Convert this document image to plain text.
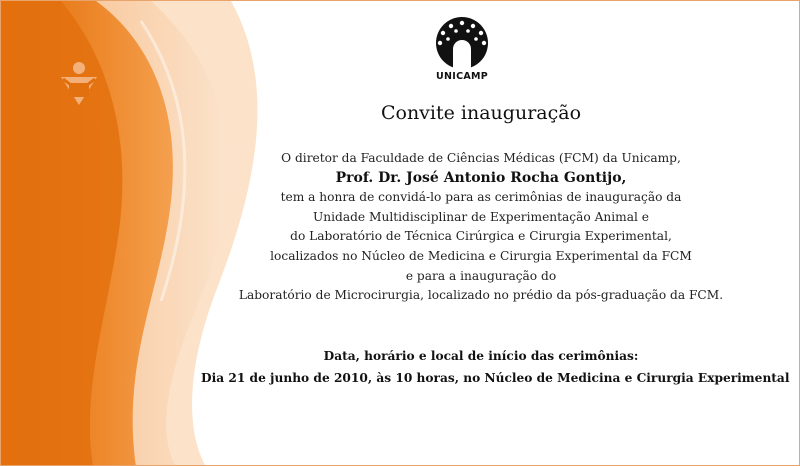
UNICAMP
Convite inauguração
O diretor da Faculdade de Ciências Médicas (FCM) da Unicamp,
Prof. Dr. José Antonio Rocha Gontijo,
tem a honra de convidá-lo para as cerimônias de inauguração da
Unidade Multidisciplinar de Experimentação Animal e
do Laboratório de Técnica Cirúrgica e Cirurgia Experimental,
localizados no Núcleo de Medicina e Cirurgia Experimental da FCM
e para a inauguração do
Laboratório de Microcirurgia, localizado no prédio da pós-graduação da FCM.
Data, horário e local de início das cerimônias:
Dia 21 de junho de 2010, às 10 horas, no Núcleo de Medicina e Cirurgia Experimental
